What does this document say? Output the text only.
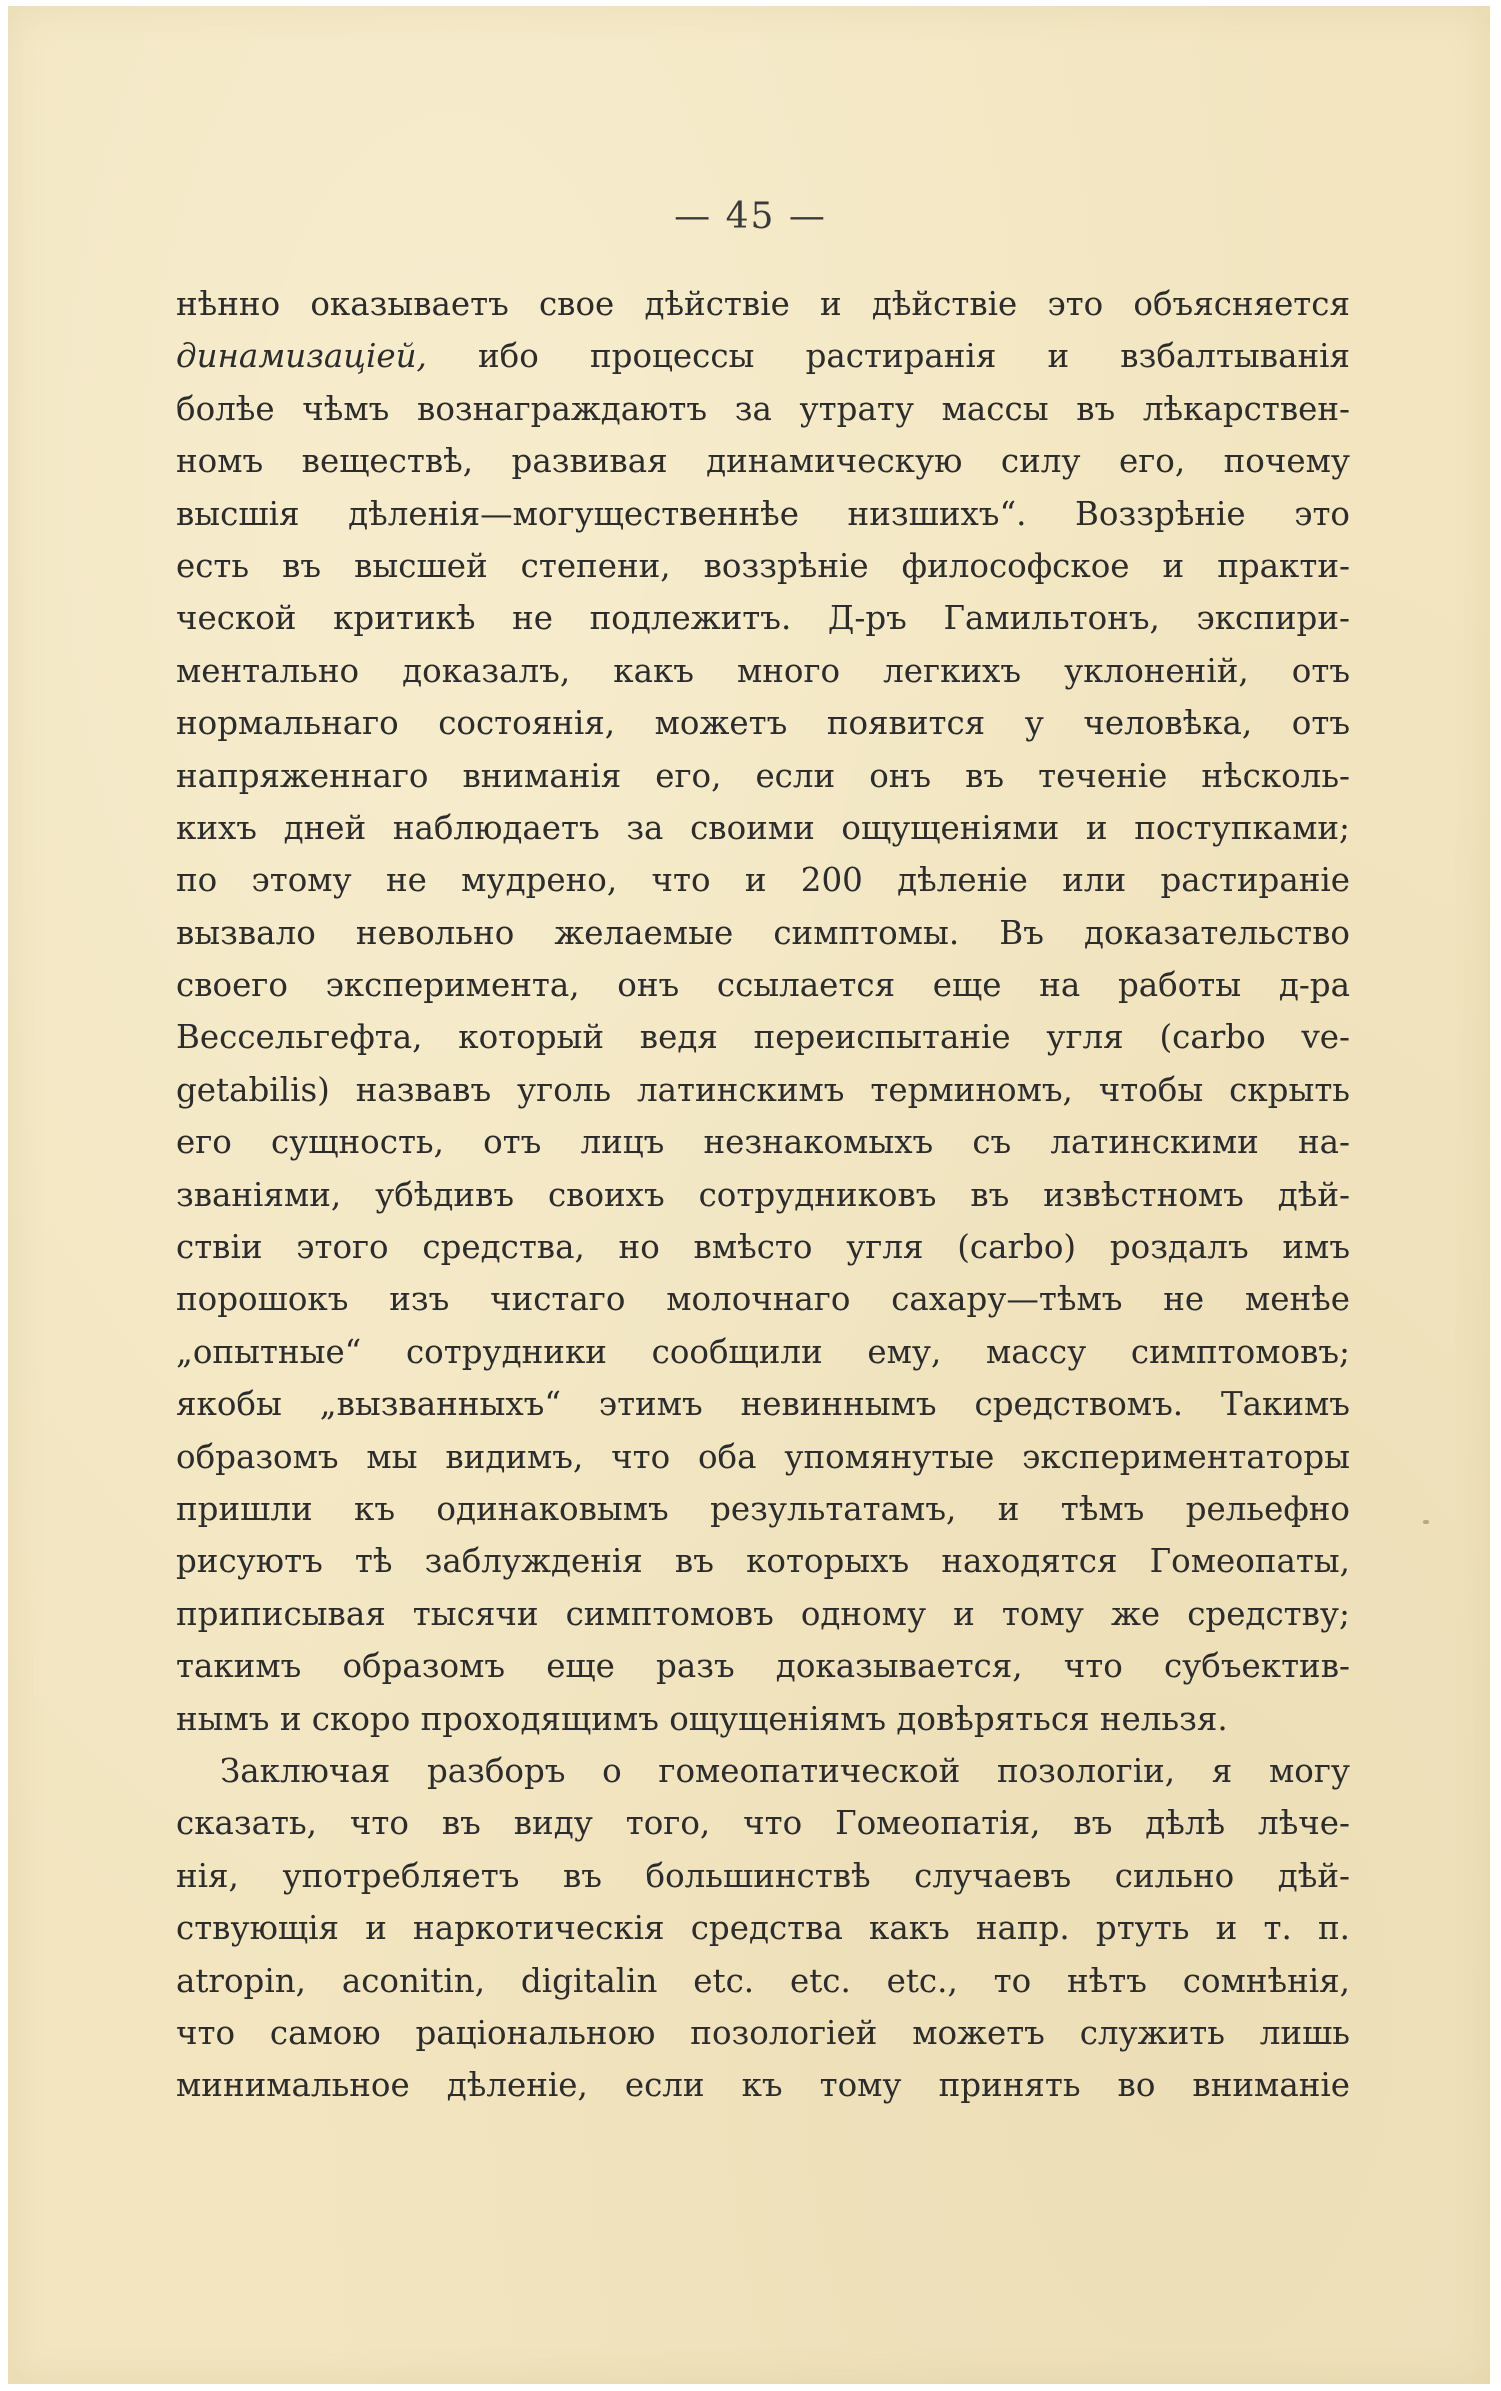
— 45 —
нѣнно оказываетъ свое дѣйствіе и дѣйствіе это объясняется
динамизаціей, ибо процессы растиранія и взбалтыванія
болѣе чѣмъ вознаграждаютъ за утрату массы въ лѣкарствен-
номъ веществѣ, развивая динамическую силу его, почему
высшія дѣленія—могущественнѣе низшихъ“. Воззрѣніе это
есть въ высшей степени, воззрѣніе философское и практи-
ческой критикѣ не подлежитъ. Д-ръ Гамильтонъ, экспири-
ментально доказалъ, какъ много легкихъ уклоненій, отъ
нормальнаго состоянія, можетъ появится у человѣка, отъ
напряженнаго вниманія его, если онъ въ теченіе нѣсколь-
кихъ дней наблюдаетъ за своими ощущеніями и поступками;
по этому не мудрено, что и 200 дѣленіе или растираніе
вызвало невольно желаемые симптомы. Въ доказательство
своего эксперимента, онъ ссылается еще на работы д-ра
Вессельгефта, который ведя переиспытаніе угля (carbo ve-
getabilis) назвавъ уголь латинскимъ терминомъ, чтобы скрыть
его сущность, отъ лицъ незнакомыхъ съ латинскими на-
званіями, убѣдивъ своихъ сотрудниковъ въ извѣстномъ дѣй-
ствіи этого средства, но вмѣсто угля (carbo) роздалъ имъ
порошокъ изъ чистаго молочнаго сахару—тѣмъ не менѣе
„опытные“ сотрудники сообщили ему, массу симптомовъ;
якобы „вызванныхъ“ этимъ невиннымъ средствомъ. Такимъ
образомъ мы видимъ, что оба упомянутые экспериментаторы
пришли къ одинаковымъ результатамъ, и тѣмъ рельефно
рисуютъ тѣ заблужденія въ которыхъ находятся Гомеопаты,
приписывая тысячи симптомовъ одному и тому же средству;
такимъ образомъ еще разъ доказывается, что субъектив-
нымъ и скоро проходящимъ ощущеніямъ довѣряться нельзя.
Заключая разборъ о гомеопатической позологіи, я могу
сказать, что въ виду того, что Гомеопатія, въ дѣлѣ лѣче-
нія, употребляетъ въ большинствѣ случаевъ сильно дѣй-
ствующія и наркотическія средства какъ напр. ртуть и т. п.
atropin, aconitin, digitalin etc. etc. etc., то нѣтъ сомнѣнія,
что самою раціональною позологіей можетъ служить лишь
минимальное дѣленіе, если къ тому принять во вниманіе
